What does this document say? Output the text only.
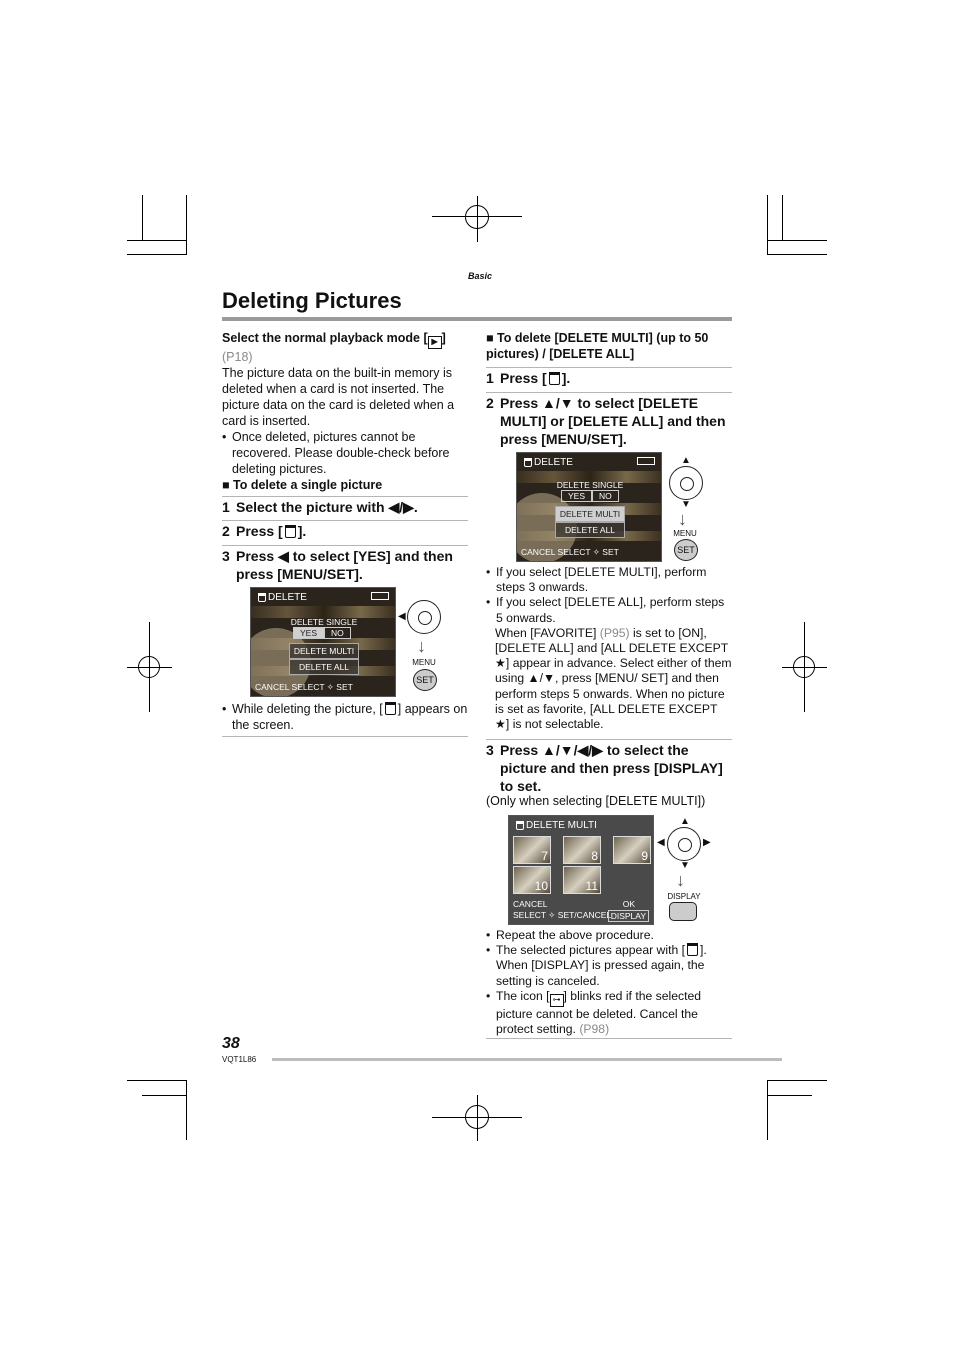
Basic
Deleting Pictures

Select the normal playback mode [ ▶ ]

(P18)

The picture data on the built-in memory is deleted when a card is not inserted. The picture data on the card is deleted when a card is inserted.

• Once deleted, pictures cannot be recovered. Please double-check before deleting pictures.

■ To delete a single picture

1 Select the picture with ◀/▶.
2 Press [ ].
3 Press ◀ to select [YES] and then press [MENU/SET].
DELETE
DELETE SINGLE
YES NO
DELETE MULTI
DELETE ALL
CANCEL SELECT ✧ SET
◀
↓
MENU
SET

• While deleting the picture, [ ] appears on the screen.

■ To delete [DELETE MULTI] (up to 50 pictures) / [DELETE ALL]

1 Press [ ].
2 Press ▲/▼ to select [DELETE MULTI] or [DELETE ALL] and then press [MENU/SET].
DELETE
DELETE SINGLE
YES NO
DELETE MULTI
DELETE ALL
CANCEL SELECT ✧ SET
▲
▼
↓
MENU
SET

• If you select [DELETE MULTI], perform steps 3 onwards.

• If you select [DELETE ALL], perform steps 5 onwards.

When [FAVORITE] (P95) is set to [ON], [DELETE ALL] and [ALL DELETE EXCEPT ★] appear in advance. Select either of them using ▲/▼, press [MENU/ SET] and then perform steps 5 onwards. When no picture is set as favorite, [ALL DELETE EXCEPT ★] is not selectable.

3 Press ▲/▼/◀/▶ to select the picture and then press [DISPLAY] to set.

(Only when selecting [DELETE MULTI])

DELETE MULTI
7	8	9
10	11
CANCEL	OK
SELECT ✧ SET/CANCEL DISPLAY
▲
◀	▶
▼
↓
DISPLAY

• Repeat the above procedure.

• The selected pictures appear with [ ]. When [DISPLAY] is pressed again, the setting is canceled.

• The icon [ ⊶ ] blinks red if the selected picture cannot be deleted. Cancel the protect setting. (P98)

38
VQT1L86
